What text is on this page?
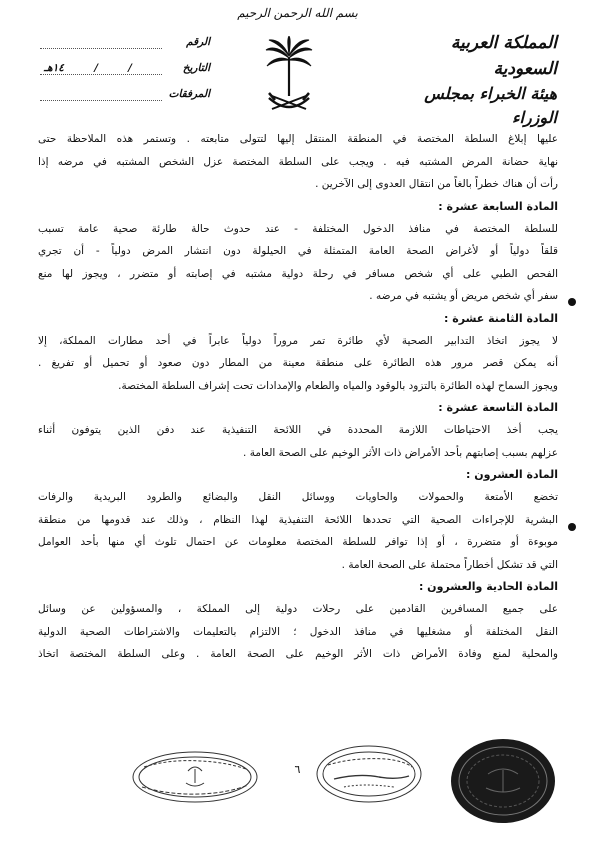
بسم الله الرحمن الرحيم
المملكة العربية السعودية
هيئة الخبراء بمجلس الوزراء
الرقم
التاريخ
/
/
١٤هـ
المرفقات

عليها إبلاغ السلطة المختصة في المنطقة المنتقل إليها لتتولى متابعته . وتستمر هذه الملاحظة حتى
نهاية حضانة المرض المشتبه فيه . ويجب على السلطة المختصة عزل الشخص المشتبه في مرضه إذا
رأت أن هناك خطراً بالغاً من انتقال العدوى إلى الآخرين .

المادة السابعة عشرة :

للسلطة المختصة في منافذ الدخول المختلفة - عند حدوث حالة طارئة صحية عامة تسبب
قلقاً دولياً أو لأغراض الصحة العامة المتمثلة في الحيلولة دون انتشار المرض دولياً - أن تجري
الفحص الطبي على أي شخص مسافر في رحلة دولية مشتبه في إصابته أو متضرر ، ويجوز لها منع
سفر أي شخص مريض أو يشتبه في مرضه .

المادة الثامنة عشرة :

لا يجوز اتخاذ التدابير الصحية لأي طائرة تمر مروراً دولياً عابراً في أحد مطارات المملكة، إلا
أنه يمكن قصر مرور هذه الطائرة على منطقة معينة من المطار دون صعود أو تحميل أو تفريغ .
ويجوز السماح لهذه الطائرة بالتزود بالوقود والمياه والطعام والإمدادات تحت إشراف السلطة المختصة.

المادة التاسعة عشرة :

يجب أخذ الاحتياطات اللازمة المحددة في اللائحة التنفيذية عند دفن الذين يتوفون أثناء
عزلهم بسبب إصابتهم بأحد الأمراض ذات الأثر الوخيم على الصحة العامة .

المادة العشرون :

تخضع الأمتعة والحمولات والحاويات ووسائل النقل والبضائع والطرود البريدية والرفات
البشرية للإجراءات الصحية التي تحددها اللائحة التنفيذية لهذا النظام ، وذلك عند قدومها من منطقة
موبوءة أو متضررة ، أو إذا توافر للسلطة المختصة معلومات عن احتمال تلوث أي منها بأحد العوامل
التي قد تشكل أخطاراً محتملة على الصحة العامة .

المادة الحادية والعشرون :

على جميع المسافرين القادمين على رحلات دولية إلى المملكة ، والمسؤولين عن وسائل
النقل المختلفة أو مشغليها في منافذ الدخول ؛ الالتزام بالتعليمات والاشتراطات الصحية الدولية
والمحلية لمنع وفادة الأمراض ذات الأثر الوخيم على الصحة العامة . وعلى السلطة المختصة اتخاذ

٦
